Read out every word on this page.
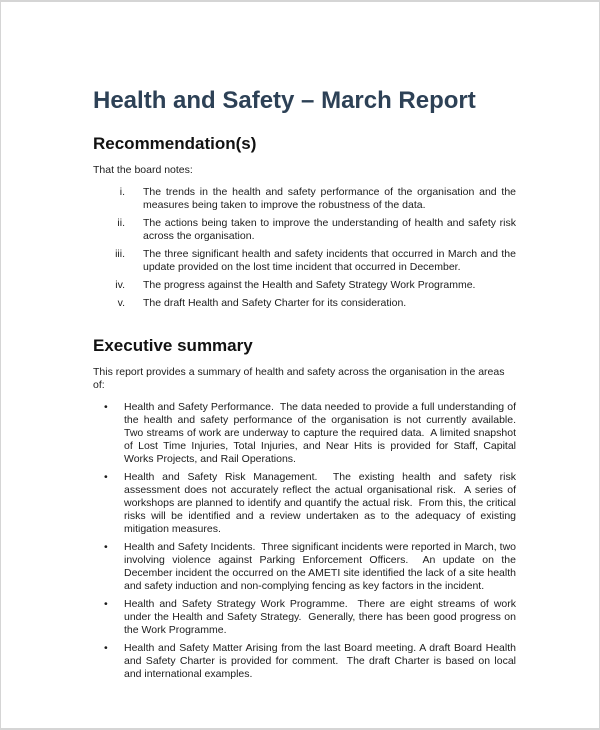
Health and Safety – March Report
Recommendation(s)

That the board notes:

i. The trends in the health and safety performance of the organisation and the measures being taken to improve the robustness of the data.
ii. The actions being taken to improve the understanding of health and safety risk across the organisation.
iii. The three significant health and safety incidents that occurred in March and the update provided on the lost time incident that occurred in December.
iv. The progress against the Health and Safety Strategy Work Programme.
v. The draft Health and Safety Charter for its consideration.
Executive summary

This report provides a summary of health and safety across the organisation in the areas of:

•	Health and Safety Performance.  The data needed to provide a full understanding of the health and safety performance of the organisation is not currently available.  Two streams of work are underway to capture the required data.  A limited snapshot of Lost Time Injuries, Total Injuries, and Near Hits is provided for Staff, Capital Works Projects, and Rail Operations.
•	Health and Safety Risk Management.  The existing health and safety risk assessment does not accurately reflect the actual organisational risk.  A series of workshops are planned to identify and quantify the actual risk.  From this, the critical risks will be identified and a review undertaken as to the adequacy of existing mitigation measures.
•	Health and Safety Incidents.  Three significant incidents were reported in March, two involving violence against Parking Enforcement Officers.  An update on the December incident the occurred on the AMETI site identified the lack of a site health and safety induction and non-complying fencing as key factors in the incident.
•	Health and Safety Strategy Work Programme.  There are eight streams of work under the Health and Safety Strategy.  Generally, there has been good progress on the Work Programme.
•	Health and Safety Matter Arising from the last Board meeting. A draft Board Health and Safety Charter is provided for comment.  The draft Charter is based on local and international examples.
